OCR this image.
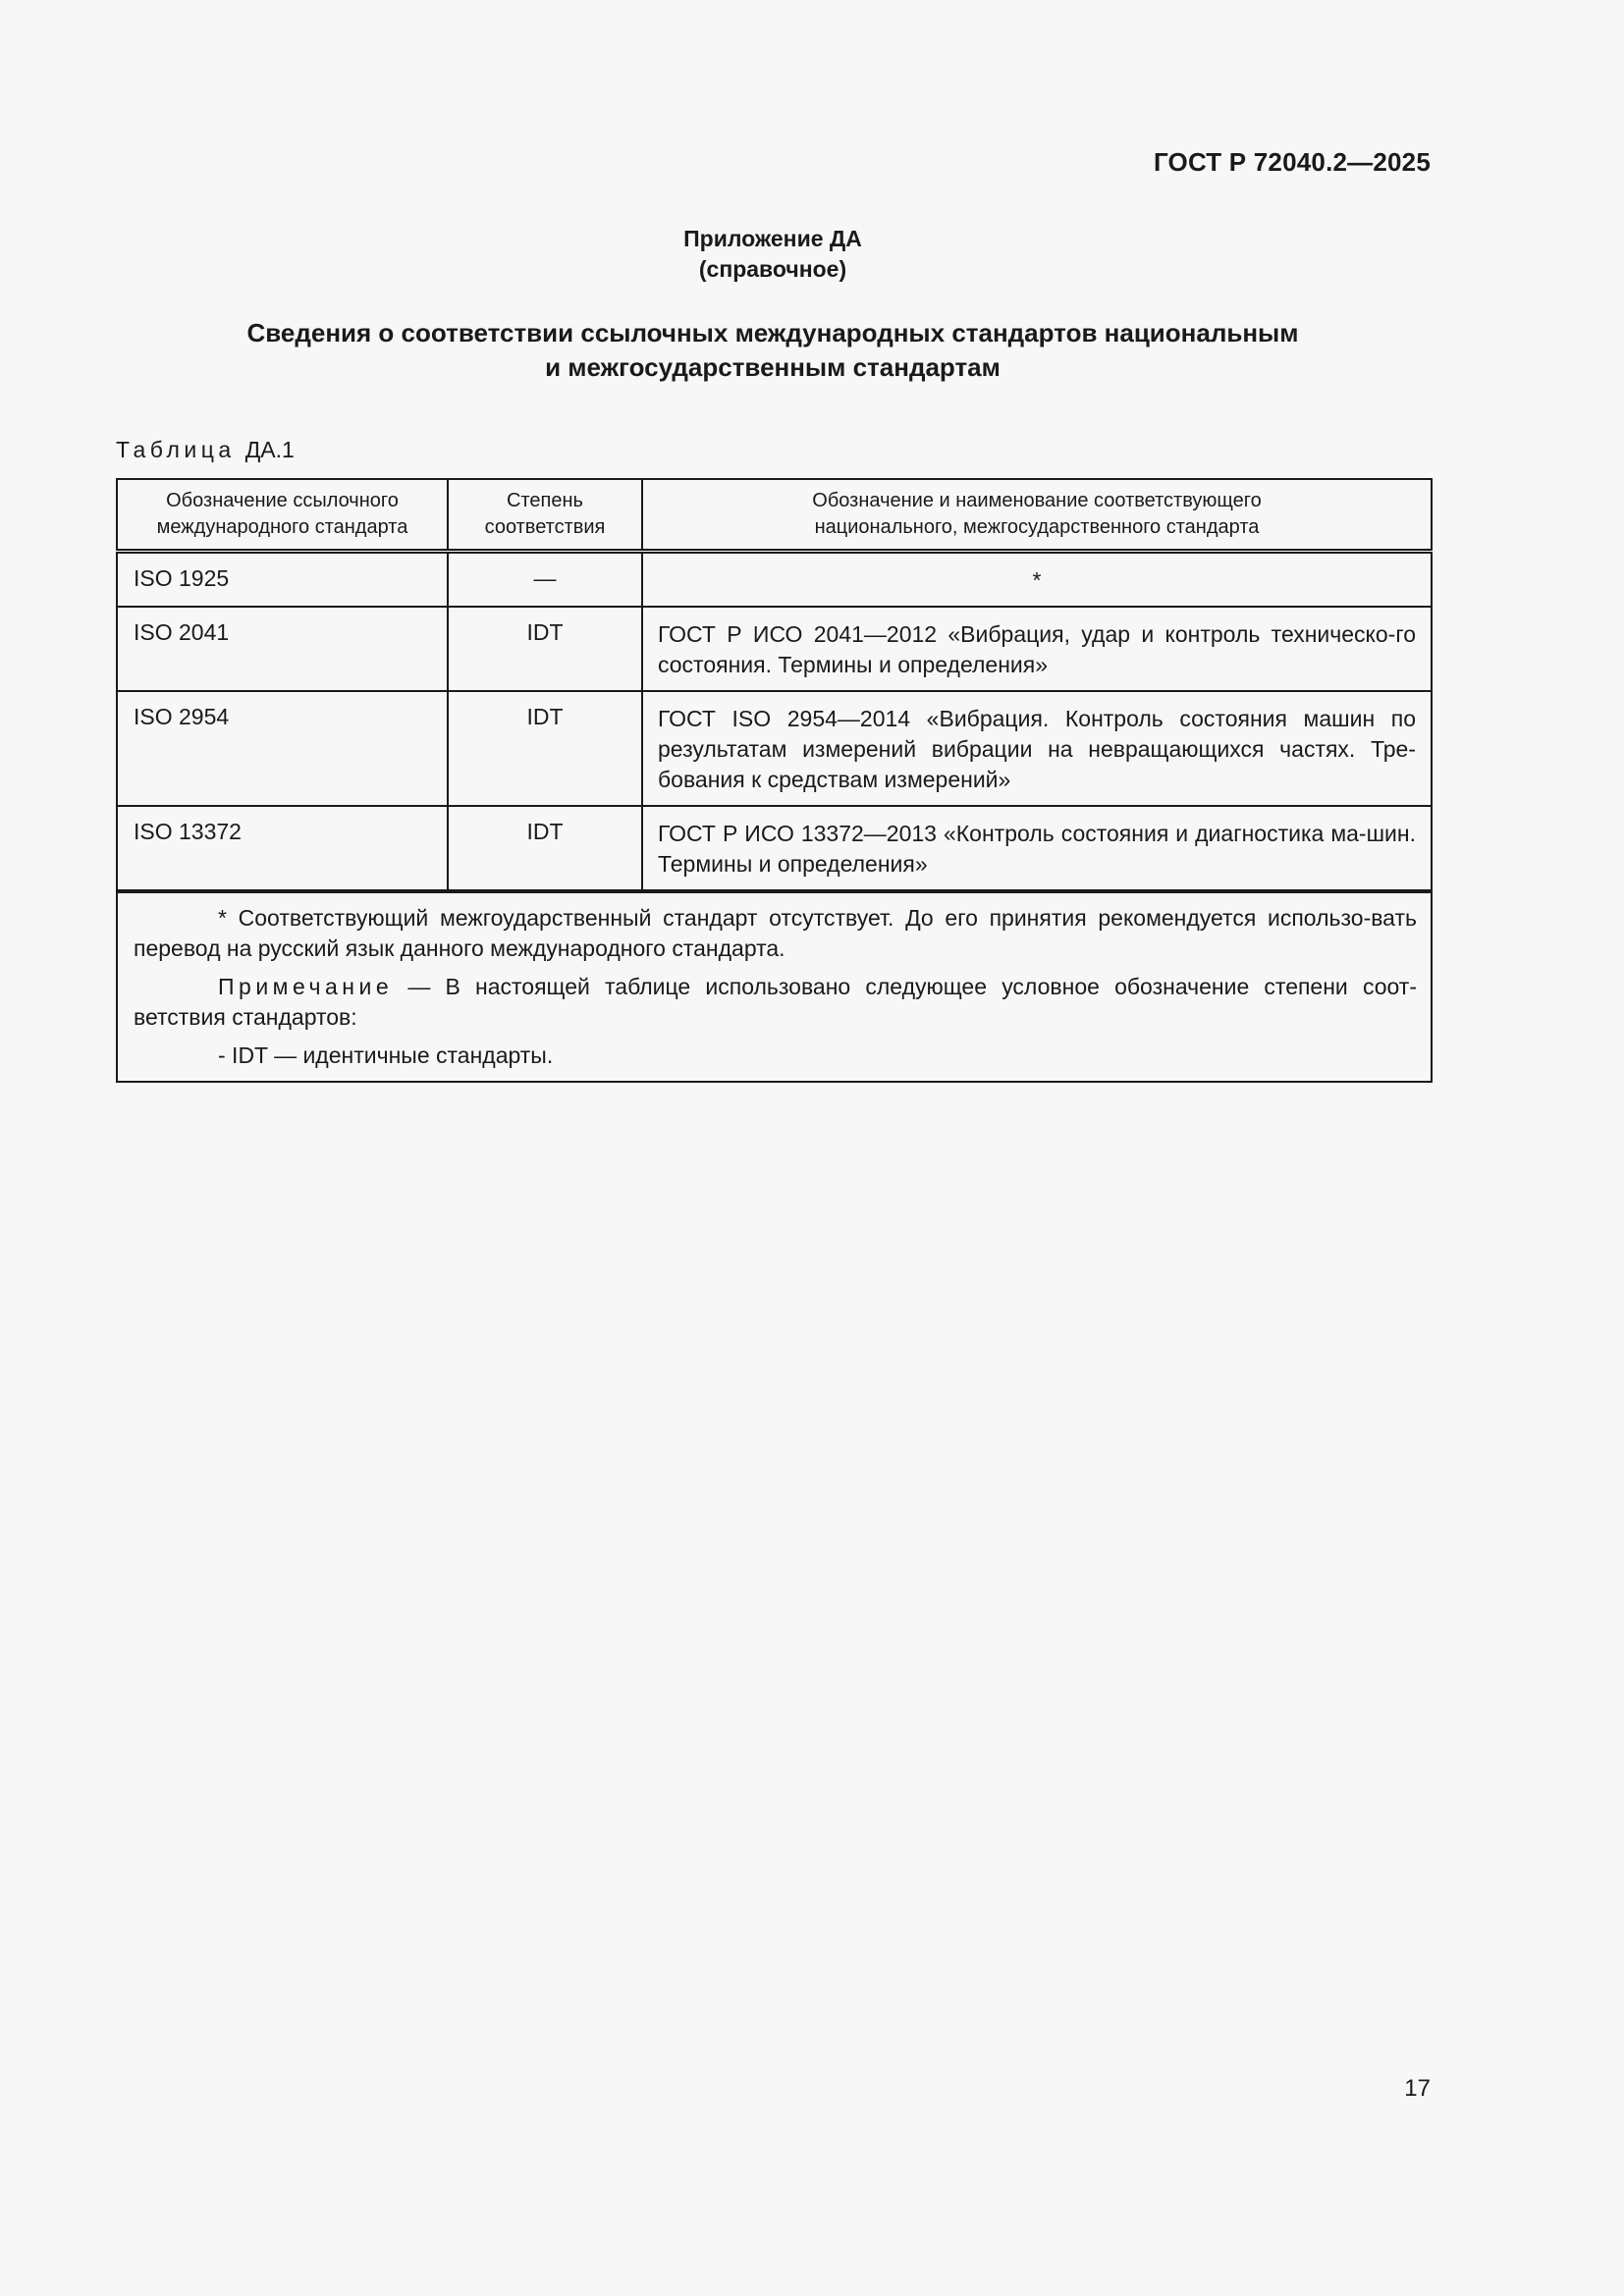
ГОСТ Р 72040.2—2025
Приложение ДА
(справочное)
Сведения о соответствии ссылочных международных стандартов национальным
и межгосударственным стандартам
Таблица ДА.1
Обозначение ссылочного международного стандарта	Степень соответствия	Обозначение и наименование соответствующего национального, межгосударственного стандарта
ISO 1925	—	*
ISO 2041	IDT	ГОСТ Р ИСО 2041—2012 «Вибрация, удар и контроль техническо-го состояния. Термины и определения»
ISO 2954	IDT	ГОСТ ISO 2954—2014 «Вибрация. Контроль состояния машин по результатам измерений вибрации на невращающихся частях. Тре-бования к средствам измерений»
ISO 13372	IDT	ГОСТ Р ИСО 13372—2013 «Контроль состояния и диагностика ма-шин. Термины и определения»

* Соответствующий межгоударственный стандарт отсутствует. До его принятия рекомендуется использо-вать перевод на русский язык данного международного стандарта.

Примечание — В настоящей таблице использовано следующее условное обозначение степени соот-ветствия стандартов:

- IDT — идентичные стандарты.		

17
